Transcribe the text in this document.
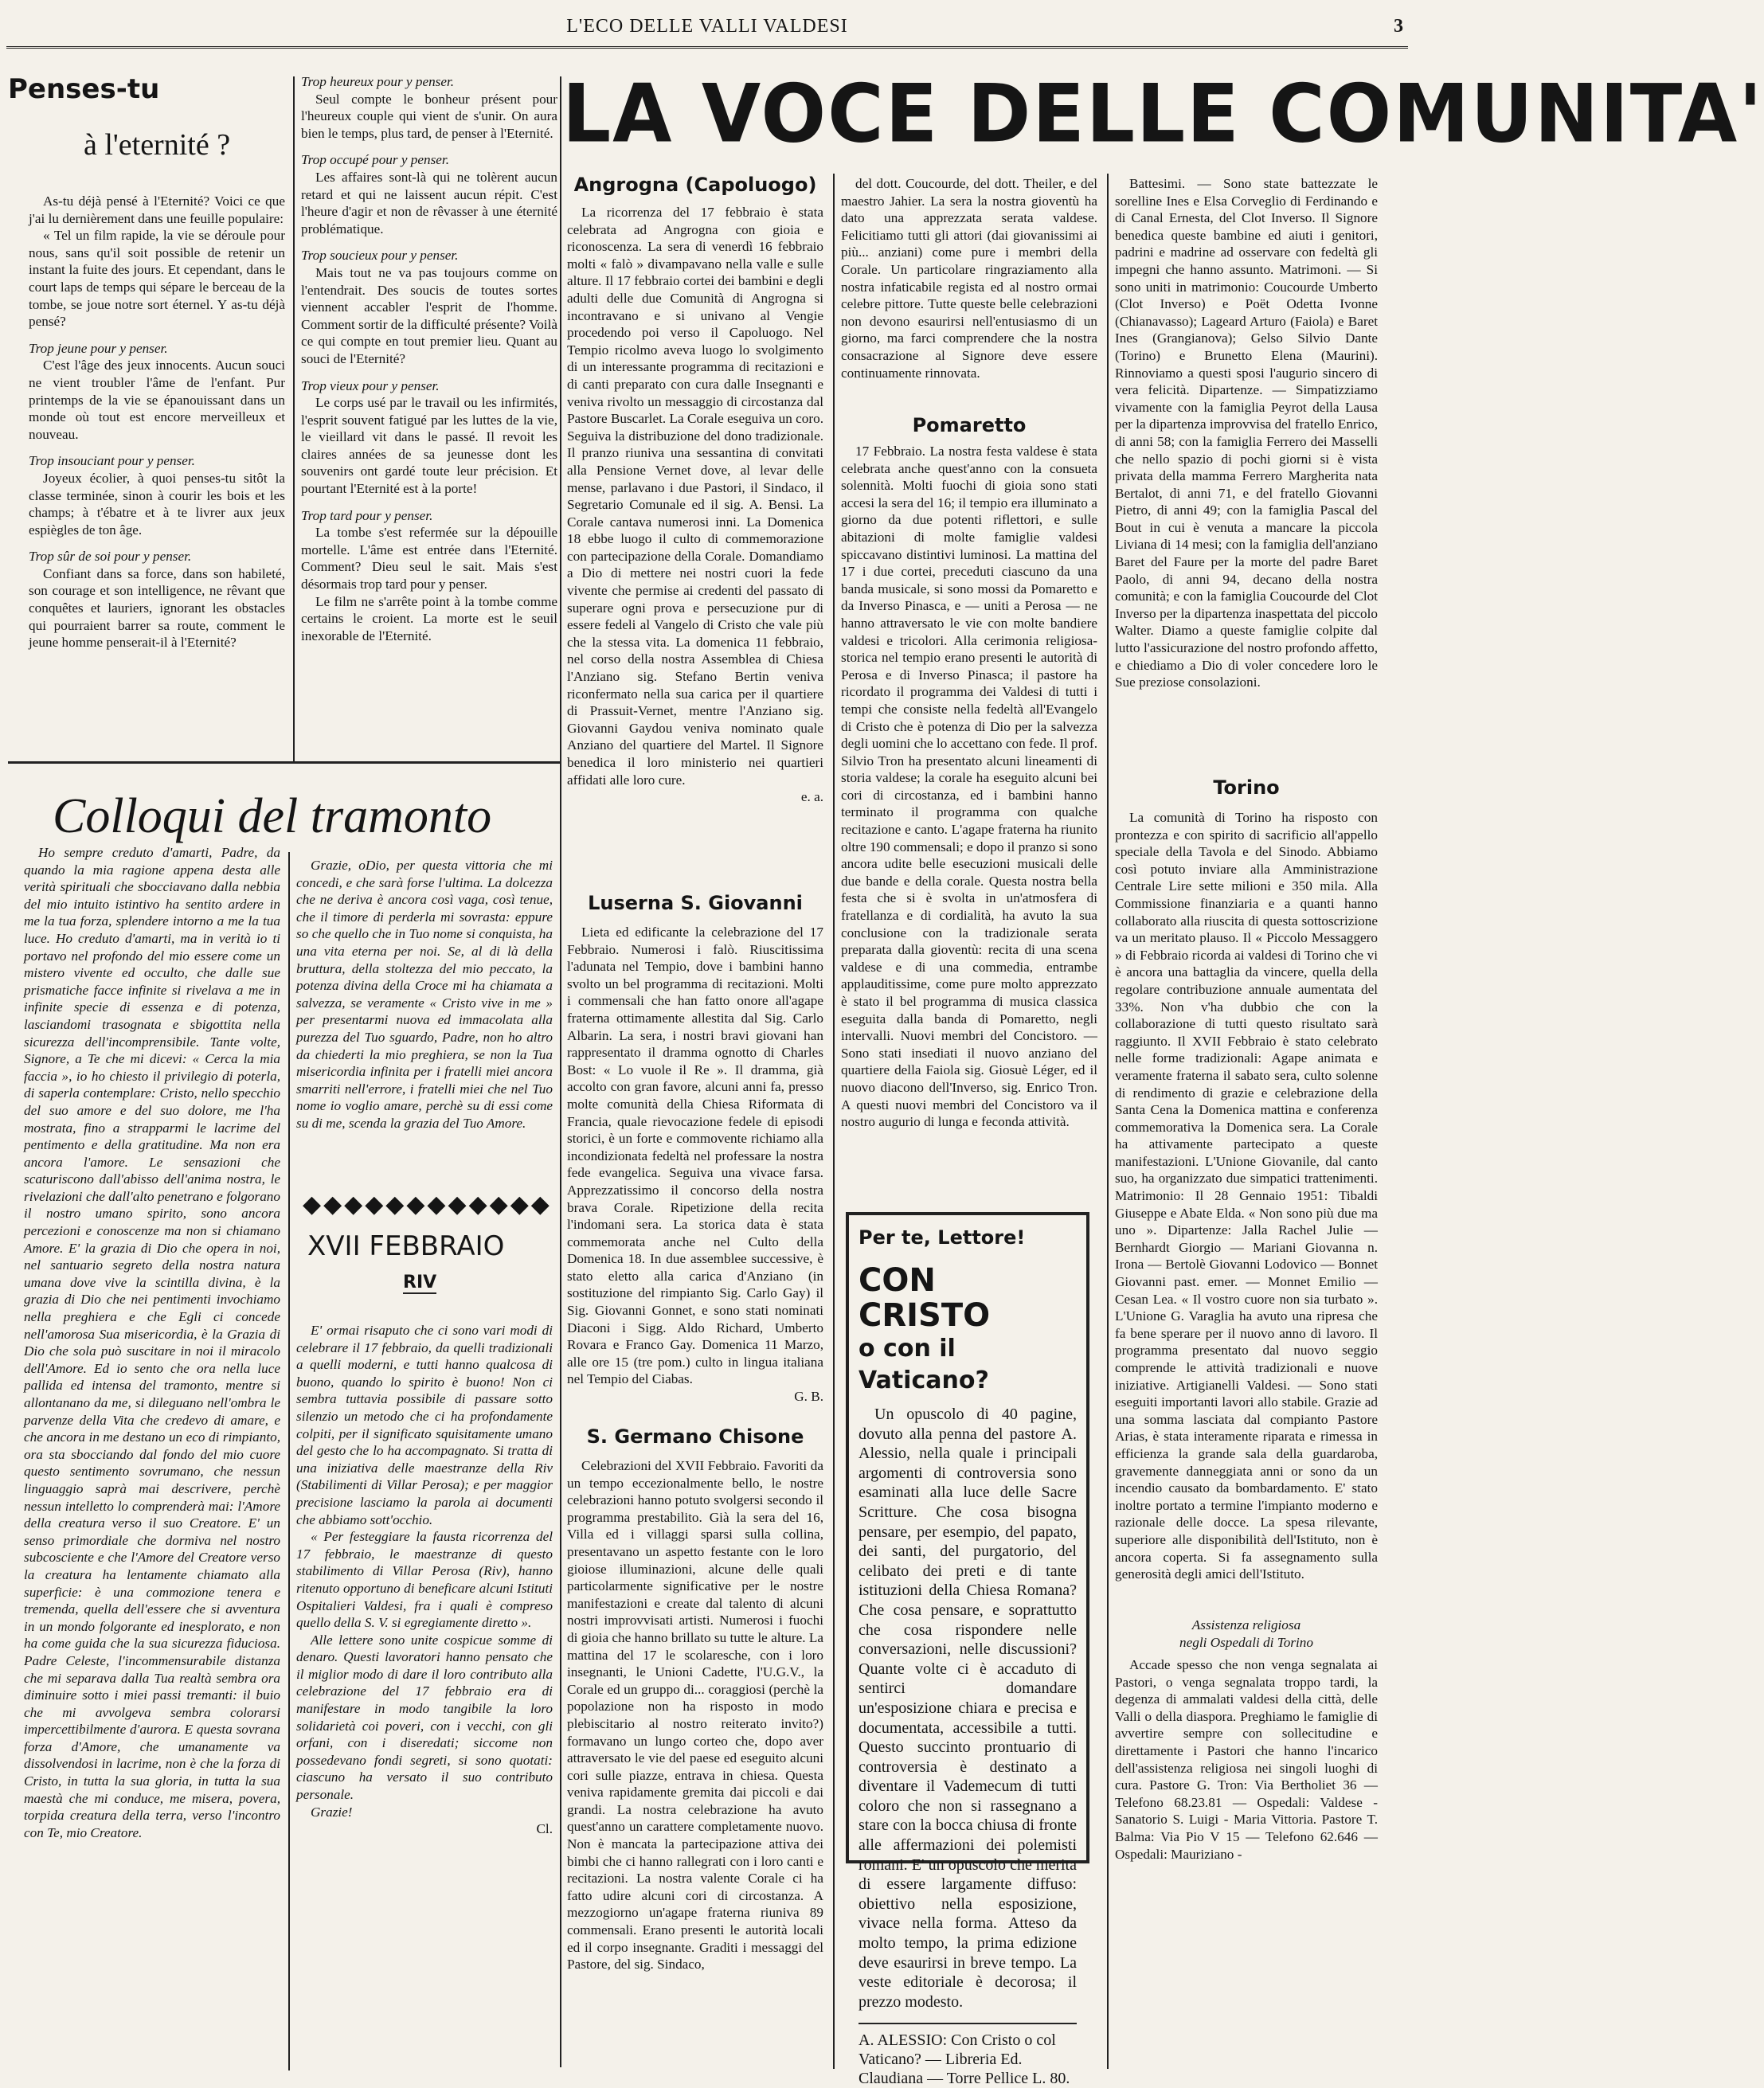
L'ECO DELLE VALLI VALDESI	3
Penses-tu
à l'eternité ?

As-tu déjà pensé à l'Eternité? Voici ce que j'ai lu dernièrement dans une feuille populaire:

« Tel un film rapide, la vie se déroule pour nous, sans qu'il soit possible de retenir un instant la fuite des jours. Et cependant, dans le court laps de temps qui sépare le berceau de la tombe, se joue notre sort éternel. Y as-tu déjà pensé?

Trop jeune pour y penser.

C'est l'âge des jeux innocents. Aucun souci ne vient troubler l'âme de l'enfant. Pur printemps de la vie se épanouissant dans un monde où tout est encore merveilleux et nouveau.

Trop insouciant pour y penser.

Joyeux écolier, à quoi penses-tu sitôt la classe terminée, sinon à courir les bois et les champs; à t'ébatre et à te livrer aux jeux espiègles de ton âge.

Trop sûr de soi pour y penser.

Confiant dans sa force, dans son habileté, son courage et son intelligence, ne rêvant que conquêtes et lauriers, ignorant les obstacles qui pourraient barrer sa route, comment le jeune homme penserait-il à l'Eternité?

Trop heureux pour y penser.

Seul compte le bonheur présent pour l'heureux couple qui vient de s'unir. On aura bien le temps, plus tard, de penser à l'Eternité.

Trop occupé pour y penser.

Les affaires sont-là qui ne tolèrent aucun retard et qui ne laissent aucun répit. C'est l'heure d'agir et non de rêvasser à une éternité problématique.

Trop soucieux pour y penser.

Mais tout ne va pas toujours comme on l'entendrait. Des soucis de toutes sortes viennent accabler l'esprit de l'homme. Comment sortir de la difficulté présente? Voilà ce qui compte en tout premier lieu. Quant au souci de l'Eternité?

Trop vieux pour y penser.

Le corps usé par le travail ou les infirmités, l'esprit souvent fatigué par les luttes de la vie, le vieillard vit dans le passé. Il revoit les claires années de sa jeunesse dont les souvenirs ont gardé toute leur précision. Et pourtant l'Eternité est à la porte!

Trop tard pour y penser.

La tombe s'est refermée sur la dépouille mortelle. L'âme est entrée dans l'Eternité. Comment? Dieu seul le sait. Mais s'est désormais trop tard pour y penser.

Le film ne s'arrête point à la tombe comme certains le croient. La morte est le seuil inexorable de l'Eternité.

LA VOCE DELLE COMUNITA'
Colloqui del tramonto

Ho sempre creduto d'amarti, Padre, da quando la mia ragione appena desta alle verità spirituali che sbocciavano dalla nebbia del mio intuito istintivo ha sentito ardere in me la tua forza, splendere intorno a me la tua luce. Ho creduto d'amarti, ma in verità io ti portavo nel profondo del mio essere come un mistero vivente ed occulto, che dalle sue prismatiche facce infinite si rivelava a me in infinite specie di essenza e di potenza, lasciandomi trasognata e sbigottita nella sicurezza dell'incomprensibile. Tante volte, Signore, a Te che mi dicevi: « Cerca la mia faccia », io ho chiesto il privilegio di poterla, di saperla contemplare: Cristo, nello specchio del suo amore e del suo dolore, me l'ha mostrata, fino a strapparmi le lacrime del pentimento e della gratitudine. Ma non era ancora l'amore. Le sensazioni che scaturiscono dall'abisso dell'anima nostra, le rivelazioni che dall'alto penetrano e folgorano il nostro umano spirito, sono ancora percezioni e conoscenze ma non si chiamano Amore. E' la grazia di Dio che opera in noi, nel santuario segreto della nostra natura umana dove vive la scintilla divina, è la grazia di Dio che nei pentimenti invochiamo nella preghiera e che Egli ci concede nell'amorosa Sua misericordia, è la Grazia di Dio che sola può suscitare in noi il miracolo dell'Amore. Ed io sento che ora nella luce pallida ed intensa del tramonto, mentre si allontanano da me, si dileguano nell'ombra le parvenze della Vita che credevo di amare, e che ancora in me destano un eco di rimpianto, ora sta sbocciando dal fondo del mio cuore questo sentimento sovrumano, che nessun linguaggio saprà mai descrivere, perchè nessun intelletto lo comprenderà mai: l'Amore della creatura verso il suo Creatore. E' un senso primordiale che dormiva nel nostro subcosciente e che l'Amore del Creatore verso la creatura ha lentamente chiamato alla superficie: è una commozione tenera e tremenda, quella dell'essere che si avventura in un mondo folgorante ed inesplorato, e non ha come guida che la sua sicurezza fiduciosa. Padre Celeste, l'incommensurabile distanza che mi separava dalla Tua realtà sembra ora diminuire sotto i miei passi tremanti: il buio che mi avvolgeva sembra colorarsi impercettibilmente d'aurora. E questa sovrana forza d'Amore, che umanamente va dissolvendosi in lacrime, non è che la forza di Cristo, in tutta la sua gloria, in tutta la sua maestà che mi conduce, me misera, povera, torpida creatura della terra, verso l'incontro con Te, mio Creatore.

Grazie, oDio, per questa vittoria che mi concedi, e che sarà forse l'ultima. La dolcezza che ne deriva è ancora così vaga, così tenue, che il timore di perderla mi sovrasta: eppure so che quello che in Tuo nome si conquista, ha una vita eterna per noi. Se, al di là della bruttura, della stoltezza del mio peccato, la potenza divina della Croce mi ha chiamata a salvezza, se veramente « Cristo vive in me » per presentarmi nuova ed immacolata alla purezza del Tuo sguardo, Padre, non ho altro da chiederti la mio preghiera, se non la Tua misericordia infinita per i fratelli miei ancora smarriti nell'errore, i fratelli miei che nel Tuo nome io voglio amare, perchè su di essi come su di me, scenda la grazia del Tuo Amore.

◆◆◆◆◆◆◆◆◆◆◆◆
XVII FEBBRAIO
RIV

E' ormai risaputo che ci sono vari modi di celebrare il 17 febbraio, da quelli tradizionali a quelli moderni, e tutti hanno qualcosa di buono, quando lo spirito è buono! Non ci sembra tuttavia possibile di passare sotto silenzio un metodo che ci ha profondamente colpiti, per il significato squisitamente umano del gesto che lo ha accompagnato. Si tratta di una iniziativa delle maestranze della Riv (Stabilimenti di Villar Perosa); e per maggior precisione lasciamo la parola ai documenti che abbiamo sott'occhio.

« Per festeggiare la fausta ricorrenza del 17 febbraio, le maestranze di questo stabilimento di Villar Perosa (Riv), hanno ritenuto opportuno di beneficare alcuni Istituti Ospitalieri Valdesi, fra i quali è compreso quello della S. V. si egregiamente diretto ».

Alle lettere sono unite cospicue somme di denaro. Questi lavoratori hanno pensato che il miglior modo di dare il loro contributo alla celebrazione del 17 febbraio era di manifestare in modo tangibile la loro solidarietà coi poveri, con i vecchi, con gli orfani, con i diseredati; siccome non possedevano fondi segreti, si sono quotati: ciascuno ha versato il suo contributo personale.

Grazie!

Cl.

Angrogna (Capoluogo)

La ricorrenza del 17 febbraio è stata celebrata ad Angrogna con gioia e riconoscenza. La sera di venerdì 16 febbraio molti « falò » divampavano nella valle e sulle alture. Il 17 febbraio cortei dei bambini e degli adulti delle due Comunità di Angrogna si incontravano e si univano al Vengie procedendo poi verso il Capoluogo. Nel Tempio ricolmo aveva luogo lo svolgimento di un interessante programma di recitazioni e di canti preparato con cura dalle Insegnanti e veniva rivolto un messaggio di circostanza dal Pastore Buscarlet. La Corale eseguiva un coro. Seguiva la distribuzione del dono tradizionale. Il pranzo riuniva una sessantina di convitati alla Pensione Vernet dove, al levar delle mense, parlavano i due Pastori, il Sindaco, il Segretario Comunale ed il sig. A. Bensi. La Corale cantava numerosi inni. La Domenica 18 ebbe luogo il culto di commemorazione con partecipazione della Corale. Domandiamo a Dio di mettere nei nostri cuori la fede vivente che permise ai credenti del passato di superare ogni prova e persecuzione pur di essere fedeli al Vangelo di Cristo che vale più che la stessa vita. La domenica 11 febbraio, nel corso della nostra Assemblea di Chiesa l'Anziano sig. Stefano Bertin veniva riconfermato nella sua carica per il quartiere di Prassuit-Vernet, mentre l'Anziano sig. Giovanni Gaydou veniva nominato quale Anziano del quartiere del Martel. Il Signore benedica il loro ministerio nei quartieri affidati alle loro cure.

e. a.

Luserna S. Giovanni

Lieta ed edificante la celebrazione del 17 Febbraio. Numerosi i falò. Riuscitissima l'adunata nel Tempio, dove i bambini hanno svolto un bel programma di recitazioni. Molti i commensali che han fatto onore all'agape fraterna ottimamente allestita dal Sig. Carlo Albarin. La sera, i nostri bravi giovani han rappresentato il dramma ognotto di Charles Bost: « Lo vuole il Re ». Il dramma, già accolto con gran favore, alcuni anni fa, presso molte comunità della Chiesa Riformata di Francia, quale rievocazione fedele di episodi storici, è un forte e commovente richiamo alla incondizionata fedeltà nel professare la nostra fede evangelica. Seguiva una vivace farsa. Apprezzatissimo il concorso della nostra brava Corale. Ripetizione della recita l'indomani sera. La storica data è stata commemorata anche nel Culto della Domenica 18. In due assemblee successive, è stato eletto alla carica d'Anziano (in sostituzione del rimpianto Sig. Carlo Gay) il Sig. Giovanni Gonnet, e sono stati nominati Diaconi i Sigg. Aldo Richard, Umberto Rovara e Franco Gay. Domenica 11 Marzo, alle ore 15 (tre pom.) culto in lingua italiana nel Tempio del Ciabas.

G. B.

S. Germano Chisone

Celebrazioni del XVII Febbraio. Favoriti da un tempo eccezionalmente bello, le nostre celebrazioni hanno potuto svolgersi secondo il programma prestabilito. Già la sera del 16, Villa ed i villaggi sparsi sulla collina, presentavano un aspetto festante con le loro gioiose illuminazioni, alcune delle quali particolarmente significative per le nostre manifestazioni e create dal talento di alcuni nostri improvvisati artisti. Numerosi i fuochi di gioia che hanno brillato su tutte le alture. La mattina del 17 le scolaresche, con i loro insegnanti, le Unioni Cadette, l'U.G.V., la Corale ed un gruppo di... coraggiosi (perchè la popolazione non ha risposto in modo plebiscitario al nostro reiterato invito?) formavano un lungo corteo che, dopo aver attraversato le vie del paese ed eseguito alcuni cori sulle piazze, entrava in chiesa. Questa veniva rapidamente gremita dai piccoli e dai grandi. La nostra celebrazione ha avuto quest'anno un carattere completamente nuovo. Non è mancata la partecipazione attiva dei bimbi che ci hanno rallegrati con i loro canti e recitazioni. La nostra valente Corale ci ha fatto udire alcuni cori di circostanza. A mezzogiorno un'agape fraterna riuniva 89 commensali. Erano presenti le autorità locali ed il corpo insegnante. Graditi i messaggi del Pastore, del sig. Sindaco,

del dott. Coucourde, del dott. Theiler, e del maestro Jahier. La sera la nostra gioventù ha dato una apprezzata serata valdese. Felicitiamo tutti gli attori (dai giovanissimi ai più... anziani) come pure i membri della Corale. Un particolare ringraziamento alla nostra infaticabile regista ed al nostro ormai celebre pittore. Tutte queste belle celebrazioni non devono esaurirsi nell'entusiasmo di un giorno, ma farci comprendere che la nostra consacrazione al Signore deve essere continuamente rinnovata.

Pomaretto

17 Febbraio. La nostra festa valdese è stata celebrata anche quest'anno con la consueta solennità. Molti fuochi di gioia sono stati accesi la sera del 16; il tempio era illuminato a giorno da due potenti riflettori, e sulle abitazioni di molte famiglie valdesi spiccavano distintivi luminosi. La mattina del 17 i due cortei, preceduti ciascuno da una banda musicale, si sono mossi da Pomaretto e da Inverso Pinasca, e — uniti a Perosa — ne hanno attraversato le vie con molte bandiere valdesi e tricolori. Alla cerimonia religiosa-storica nel tempio erano presenti le autorità di Perosa e di Inverso Pinasca; il pastore ha ricordato il programma dei Valdesi di tutti i tempi che consiste nella fedeltà all'Evangelo di Cristo che è potenza di Dio per la salvezza degli uomini che lo accettano con fede. Il prof. Silvio Tron ha presentato alcuni lineamenti di storia valdese; la corale ha eseguito alcuni bei cori di circostanza, ed i bambini hanno terminato il programma con qualche recitazione e canto. L'agape fraterna ha riunito oltre 190 commensali; e dopo il pranzo si sono ancora udite belle esecuzioni musicali delle due bande e della corale. Questa nostra bella festa che si è svolta in un'atmosfera di fratellanza e di cordialità, ha avuto la sua conclusione con la tradizionale serata preparata dalla gioventù: recita di una scena valdese e di una commedia, entrambe applauditissime, come pure molto apprezzato è stato il bel programma di musica classica eseguita dalla banda di Pomaretto, negli intervalli. Nuovi membri del Concistoro. — Sono stati insediati il nuovo anziano del quartiere della Faiola sig. Giosuè Léger, ed il nuovo diacono dell'Inverso, sig. Enrico Tron. A questi nuovi membri del Concistoro va il nostro augurio di lunga e feconda attività.

Per te, Lettore!
CON CRISTO
o con il Vaticano?
Un opuscolo di 40 pagine, dovuto alla penna del pastore A. Alessio, nella quale i principali argomenti di controversia sono esaminati alla luce delle Sacre Scritture. Che cosa bisogna pensare, per esempio, del papato, dei santi, del purgatorio, del celibato dei preti e di tante istituzioni della Chiesa Romana? Che cosa pensare, e soprattutto che cosa rispondere nelle conversazioni, nelle discussioni? Quante volte ci è accaduto di sentirci domandare un'esposizione chiara e precisa e documentata, accessibile a tutti. Questo succinto prontuario di controversia è destinato a diventare il Vademecum di tutti coloro che non si rassegnano a stare con la bocca chiusa di fronte alle affermazioni dei polemisti romani. E' un opuscolo che merita di essere largamente diffuso: obiettivo nella esposizione, vivace nella forma. Atteso da molto tempo, la prima edizione deve esaurirsi in breve tempo. La veste editoriale è decorosa; il prezzo modesto.
A. ALESSIO: Con Cristo o col Vaticano? — Libreria Ed. Claudiana — Torre Pellice L. 80.

Battesimi. — Sono state battezzate le sorelline Ines e Elsa Corveglio di Ferdinando e di Canal Ernesta, del Clot Inverso. Il Signore benedica queste bambine ed aiuti i genitori, padrini e madrine ad osservare con fedeltà gli impegni che hanno assunto. Matrimoni. — Si sono uniti in matrimonio: Coucourde Umberto (Clot Inverso) e Poët Odetta Ivonne (Chianavasso); Lageard Arturo (Faiola) e Baret Ines (Grangianova); Gelso Silvio Dante (Torino) e Brunetto Elena (Maurini). Rinnoviamo a questi sposi l'augurio sincero di vera felicità. Dipartenze. — Simpatizziamo vivamente con la famiglia Peyrot della Lausa per la dipartenza improvvisa del fratello Enrico, di anni 58; con la famiglia Ferrero dei Masselli che nello spazio di pochi giorni si è vista privata della mamma Ferrero Margherita nata Bertalot, di anni 71, e del fratello Giovanni Pietro, di anni 49; con la famiglia Pascal del Bout in cui è venuta a mancare la piccola Liviana di 14 mesi; con la famiglia dell'anziano Baret del Faure per la morte del padre Baret Paolo, di anni 94, decano della nostra comunità; e con la famiglia Coucourde del Clot Inverso per la dipartenza inaspettata del piccolo Walter. Diamo a queste famiglie colpite dal lutto l'assicurazione del nostro profondo affetto, e chiediamo a Dio di voler concedere loro le Sue preziose consolazioni.

Torino

La comunità di Torino ha risposto con prontezza e con spirito di sacrificio all'appello speciale della Tavola e del Sinodo. Abbiamo così potuto inviare alla Amministrazione Centrale Lire sette milioni e 350 mila. Alla Commissione finanziaria e a quanti hanno collaborato alla riuscita di questa sottoscrizione va un meritato plauso. Il « Piccolo Messaggero » di Febbraio ricorda ai valdesi di Torino che vi è ancora una battaglia da vincere, quella della regolare contribuzione annuale aumentata del 33%. Non v'ha dubbio che con la collaborazione di tutti questo risultato sarà raggiunto. Il XVII Febbraio è stato celebrato nelle forme tradizionali: Agape animata e veramente fraterna il sabato sera, culto solenne di rendimento di grazie e celebrazione della Santa Cena la Domenica mattina e conferenza commemorativa la Domenica sera. La Corale ha attivamente partecipato a queste manifestazioni. L'Unione Giovanile, dal canto suo, ha organizzato due simpatici trattenimenti. Matrimonio: Il 28 Gennaio 1951: Tibaldi Giuseppe e Abate Elda. « Non sono più due ma uno ». Dipartenze: Jalla Rachel Julie — Bernhardt Giorgio — Mariani Giovanna n. Irona — Bertolè Giovanni Lodovico — Bonnet Giovanni past. emer. — Monnet Emilio — Cesan Lea. « Il vostro cuore non sia turbato ». L'Unione G. Varaglia ha avuto una ripresa che fa bene sperare per il nuovo anno di lavoro. Il programma presentato dal nuovo seggio comprende le attività tradizionali e nuove iniziative. Artigianelli Valdesi. — Sono stati eseguiti importanti lavori allo stabile. Grazie ad una somma lasciata dal compianto Pastore Arias, è stata interamente riparata e rimessa in efficienza la grande sala della guardaroba, gravemente danneggiata anni or sono da un incendio causato da bombardamento. E' stato inoltre portato a termine l'impianto moderno e razionale delle docce. La spesa rilevante, superiore alle disponibilità dell'Istituto, non è ancora coperta. Si fa assegnamento sulla generosità degli amici dell'Istituto.

Assistenza religiosa
negli Ospedali di Torino

Accade spesso che non venga segnalata ai Pastori, o venga segnalata troppo tardi, la degenza di ammalati valdesi della città, delle Valli o della diaspora. Preghiamo le famiglie di avvertire sempre con sollecitudine e direttamente i Pastori che hanno l'incarico dell'assistenza religiosa nei singoli luoghi di cura. Pastore G. Tron: Via Bertholiet 36 — Telefono 68.23.81 — Ospedali: Valdese - Sanatorio S. Luigi - Maria Vittoria. Pastore T. Balma: Via Pio V 15 — Telefono 62.646 — Ospedali: Mauriziano -
